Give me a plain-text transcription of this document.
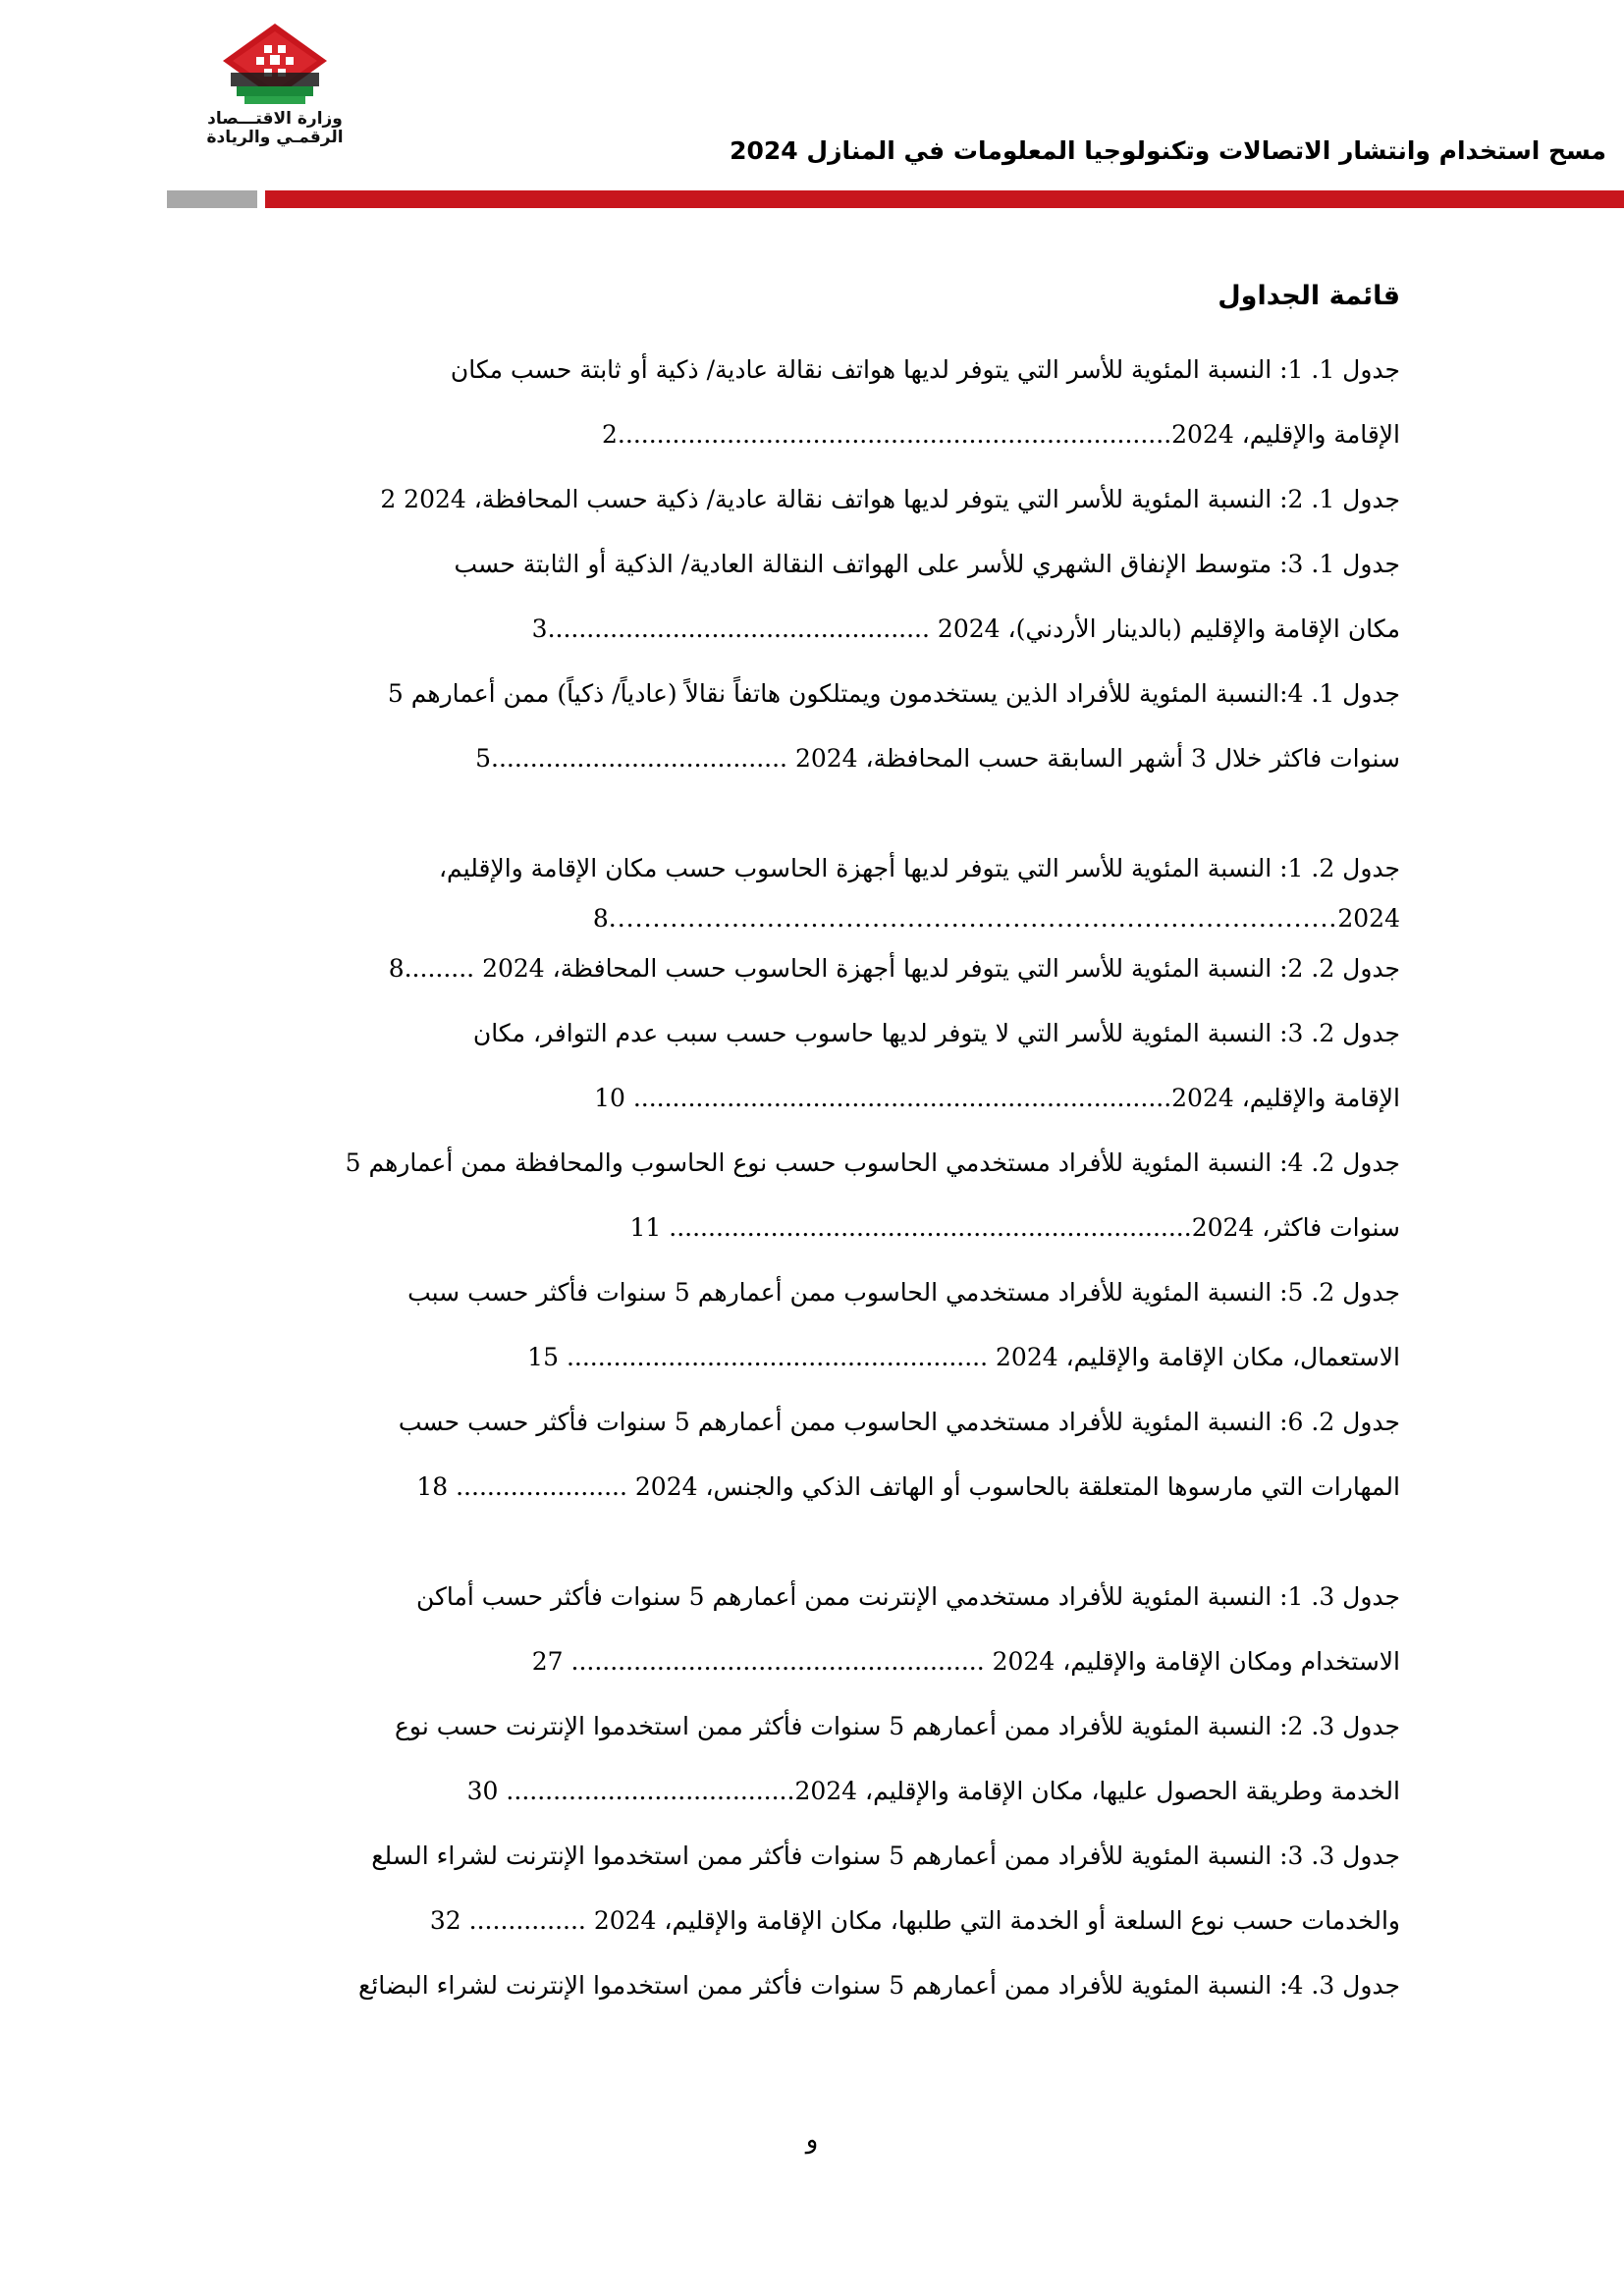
وزارة الاقتـــصاد
الرقمـي والريادة	مسح استخدام وانتشار الاتصالات وتكنولوجيا المعلومات في المنازل 2024
قائمة الجداول
جدول 1. 1: النسبة المئوية للأسر التي يتوفر لديها هواتف نقالة عادية/ ذكية أو ثابتة حسب مكان
الإقامة والإقليم، 2024.......................................................................2
جدول 1. 2: النسبة المئوية للأسر التي يتوفر لديها هواتف نقالة عادية/ ذكية حسب المحافظة، 2024 2
جدول 1. 3: متوسط الإنفاق الشهري للأسر على الهواتف النقالة العادية/ الذكية أو الثابتة حسب
مكان الإقامة والإقليم (بالدينار الأردني)، 2024 .................................................3
جدول 1. 4:النسبة المئوية للأفراد الذين يستخدمون ويمتلكون هاتفاً نقالاً (عادياً/ ذكياً) ممن أعمارهم 5
سنوات فاكثر خلال 3 أشهر السابقة حسب المحافظة، 2024 ......................................5
جدول 2. 1: النسبة المئوية للأسر التي يتوفر لديها أجهزة الحاسوب حسب مكان الإقامة والإقليم،
2024...................................................................................8
جدول 2. 2: النسبة المئوية للأسر التي يتوفر لديها أجهزة الحاسوب حسب المحافظة، 2024 .........8
جدول 2. 3: النسبة المئوية للأسر التي لا يتوفر لديها حاسوب حسب سبب عدم التوافر، مكان
الإقامة والإقليم، 2024..................................................................... 10
جدول 2. 4: النسبة المئوية للأفراد مستخدمي الحاسوب حسب نوع الحاسوب والمحافظة ممن أعمارهم 5
سنوات فاكثر، 2024................................................................... 11
جدول 2. 5: النسبة المئوية للأفراد مستخدمي الحاسوب ممن أعمارهم 5 سنوات فأكثر حسب سبب
الاستعمال، مكان الإقامة والإقليم، 2024 ...................................................... 15
جدول 2. 6: النسبة المئوية للأفراد مستخدمي الحاسوب ممن أعمارهم 5 سنوات فأكثر حسب حسب
المهارات التي مارسوها المتعلقة بالحاسوب أو الهاتف الذكي والجنس، 2024 ...................... 18
جدول 3. 1: النسبة المئوية للأفراد مستخدمي الإنترنت ممن أعمارهم 5 سنوات فأكثر حسب أماكن
الاستخدام ومكان الإقامة والإقليم، 2024 ..................................................... 27
جدول 3. 2: النسبة المئوية للأفراد ممن أعمارهم 5 سنوات فأكثر ممن استخدموا الإنترنت حسب نوع
الخدمة وطريقة الحصول عليها، مكان الإقامة والإقليم، 2024..................................... 30
جدول 3. 3: النسبة المئوية للأفراد ممن أعمارهم 5 سنوات فأكثر ممن استخدموا الإنترنت لشراء السلع
والخدمات حسب نوع السلعة أو الخدمة التي طلبها، مكان الإقامة والإقليم، 2024 ............... 32
جدول 3. 4: النسبة المئوية للأفراد ممن أعمارهم 5 سنوات فأكثر ممن استخدموا الإنترنت لشراء البضائع
و
